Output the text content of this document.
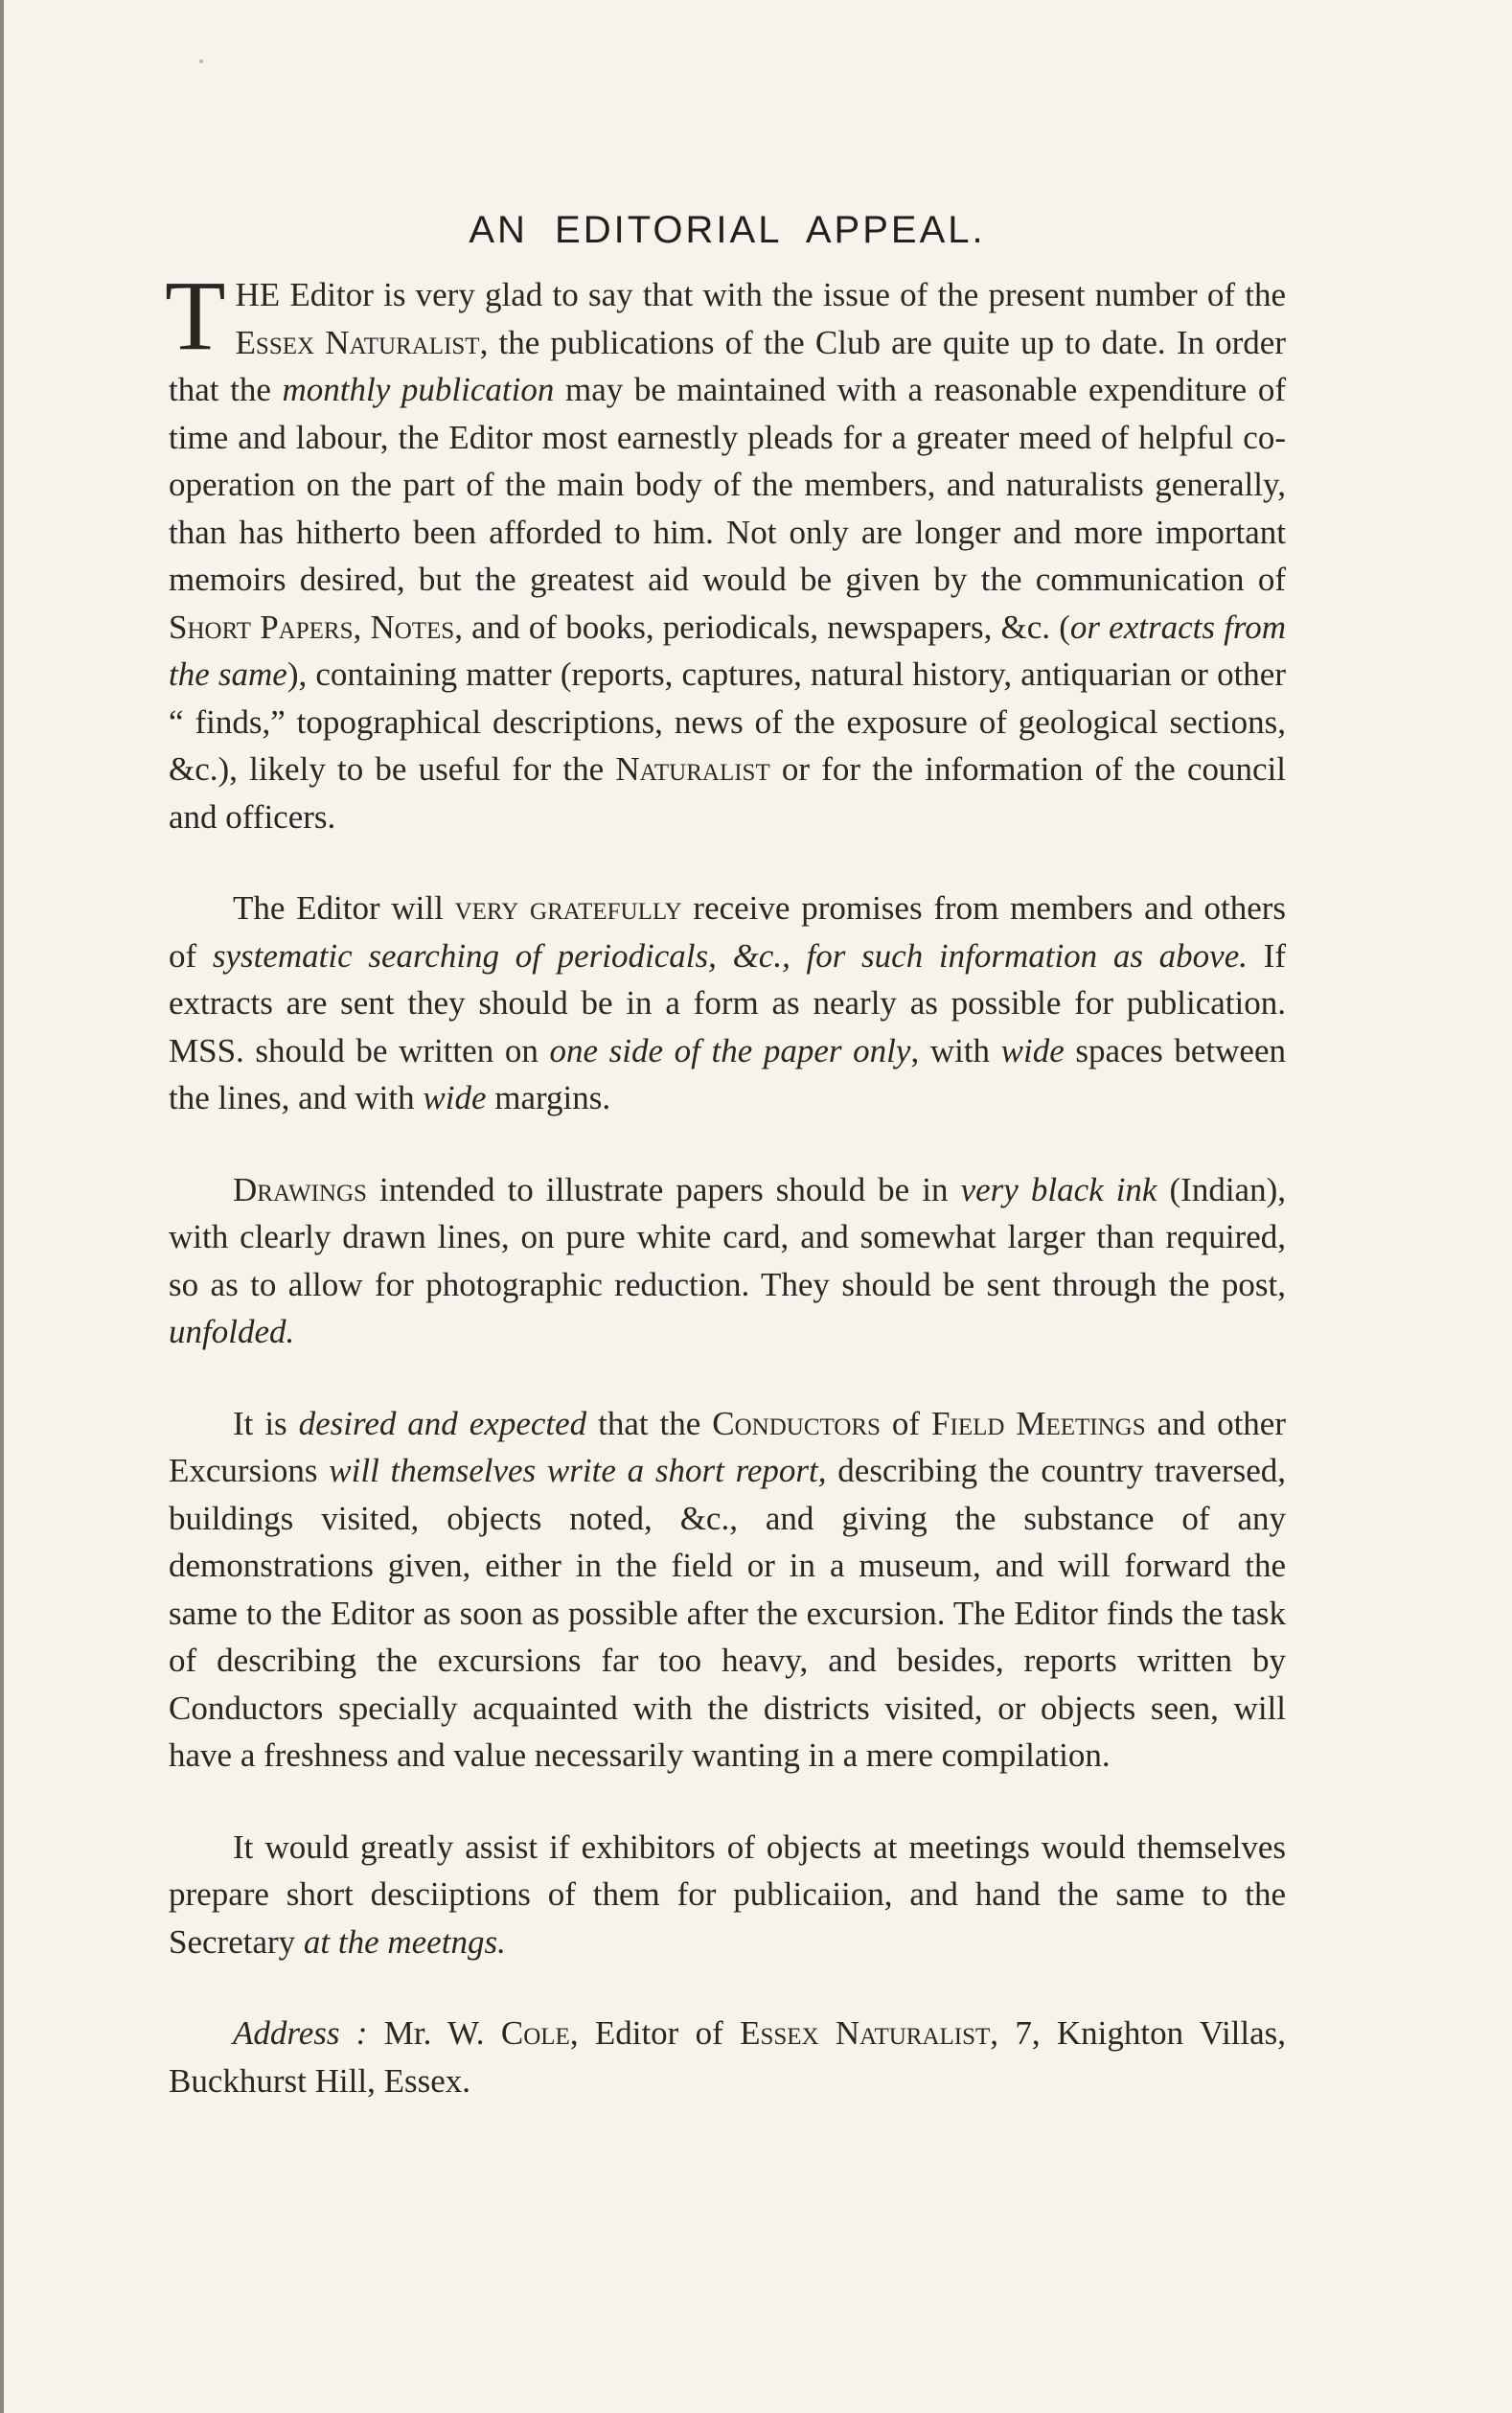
AN EDITORIAL APPEAL.

THE Editor is very glad to say that with the issue of the present number of the Essex Naturalist, the publications of the Club are quite up to date. In order that the monthly publication may be maintained with a reasonable expenditure of time and labour, the Editor most earnestly pleads for a greater meed of helpful co-operation on the part of the main body of the members, and naturalists generally, than has hitherto been afforded to him. Not only are longer and more important memoirs desired, but the greatest aid would be given by the communication of Short Papers, Notes, and of books, periodicals, newspapers, &c. (or extracts from the same), containing matter (reports, captures, natural history, antiquarian or other “ finds,” topographical descriptions, news of the exposure of geological sections, &c.), likely to be useful for the Naturalist or for the information of the council and officers.

The Editor will very gratefully receive promises from members and others of systematic searching of periodicals, &c., for such information as above. If extracts are sent they should be in a form as nearly as possible for publication. MSS. should be written on one side of the paper only, with wide spaces between the lines, and with wide margins.

Drawings intended to illustrate papers should be in very black ink (Indian), with clearly drawn lines, on pure white card, and somewhat larger than required, so as to allow for photographic reduction. They should be sent through the post, unfolded.

It is desired and expected that the Conductors of Field Meetings and other Excursions will themselves write a short report, describing the country traversed, buildings visited, objects noted, &c., and giving the substance of any demonstrations given, either in the field or in a museum, and will forward the same to the Editor as soon as possible after the excursion. The Editor finds the task of describing the excursions far too heavy, and besides, reports written by Conductors specially acquainted with the districts visited, or objects seen, will have a freshness and value necessarily wanting in a mere compilation.

It would greatly assist if exhibitors of objects at meetings would themselves prepare short desciiptions of them for publicaiion, and hand the same to the Secretary at the meetngs.

Address : Mr. W. Cole, Editor of Essex Naturalist, 7, Knighton Villas, Buckhurst Hill, Essex.
